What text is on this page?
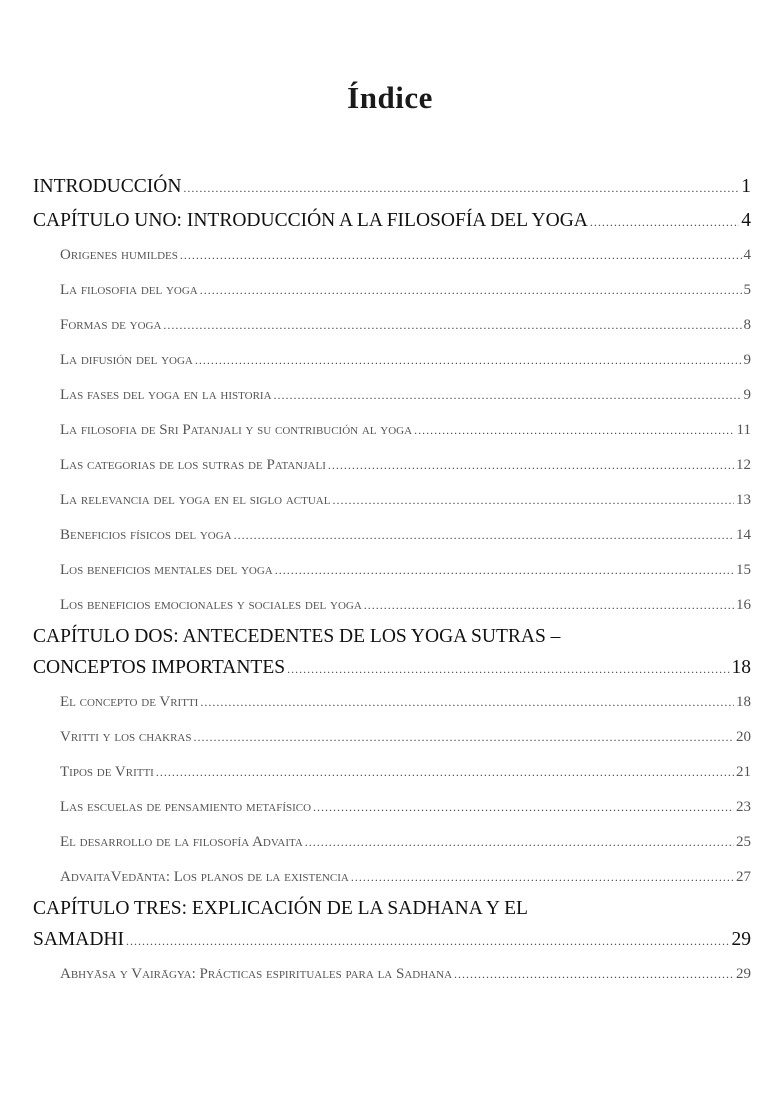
Índice
INTRODUCCIÓN .....	1
CAPÍTULO UNO: INTRODUCCIÓN A LA FILOSOFÍA DEL YOGA .....	4
Origenes humildes .....	4
La filosofia del yoga .....	5
Formas de yoga .....	8
La difusión del yoga .....	9
Las fases del yoga en la historia .....	9
La filosofia de Sri Patanjali y su contribución al yoga .....	11
Las categorias de los sutras de Patanjali .....	12
La relevancia del yoga en el siglo actual .....	13
Beneficios físicos del yoga .....	14
Los beneficios mentales del yoga .....	15
Los beneficios emocionales y sociales del yoga .....	16
CAPÍTULO DOS: ANTECEDENTES DE LOS YOGA SUTRAS –
CONCEPTOS IMPORTANTES .....	18
El concepto de Vritti .....	18
Vritti y los chakras .....	20
Tipos de Vritti .....	21
Las escuelas de pensamiento metafísico .....	23
El desarrollo de la filosofía Advaita .....	25
AdvaitaVedānta: Los planos de la existencia .....	27
CAPÍTULO TRES: EXPLICACIÓN DE LA SADHANA Y EL
SAMADHI .....	29
Abhyāsa y Vairāgya: Prácticas espirituales para la Sadhana .....	29
